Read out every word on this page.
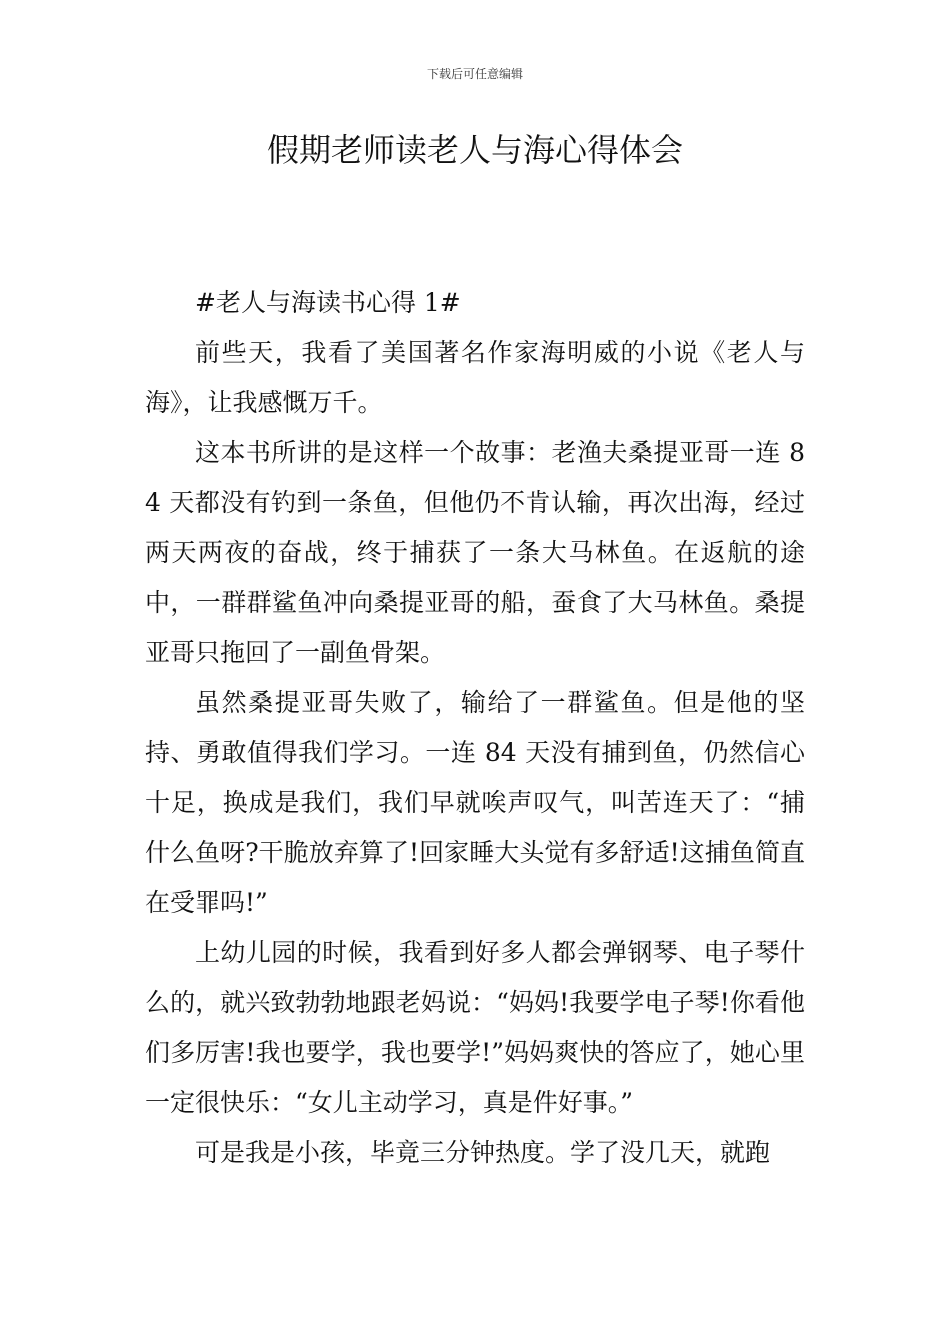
下载后可任意编辑
假期老师读老人与海心得体会

#老人与海读书心得 1#

前些天，我看了美国著名作家海明威的小说《老人与海》，让我感慨万千。

这本书所讲的是这样一个故事：老渔夫桑提亚哥一连 84 天都没有钓到一条鱼，但他仍不肯认输，再次出海，经过两天两夜的奋战，终于捕获了一条大马林鱼。在返航的途中，一群群鲨鱼冲向桑提亚哥的船，蚕食了大马林鱼。桑提亚哥只拖回了一副鱼骨架。

虽然桑提亚哥失败了，输给了一群鲨鱼。但是他的坚持、勇敢值得我们学习。一连 84 天没有捕到鱼，仍然信心十足，换成是我们，我们早就唉声叹气，叫苦连天了：“捕什么鱼呀?干脆放弃算了!回家睡大头觉有多舒适!这捕鱼简直在受罪吗!”

上幼儿园的时候，我看到好多人都会弹钢琴、电子琴什么的，就兴致勃勃地跟老妈说：“妈妈!我要学电子琴!你看他们多厉害!我也要学，我也要学!”妈妈爽快的答应了，她心里一定很快乐：“女儿主动学习，真是件好事。”

可是我是小孩，毕竟三分钟热度。学了没几天，就跑
